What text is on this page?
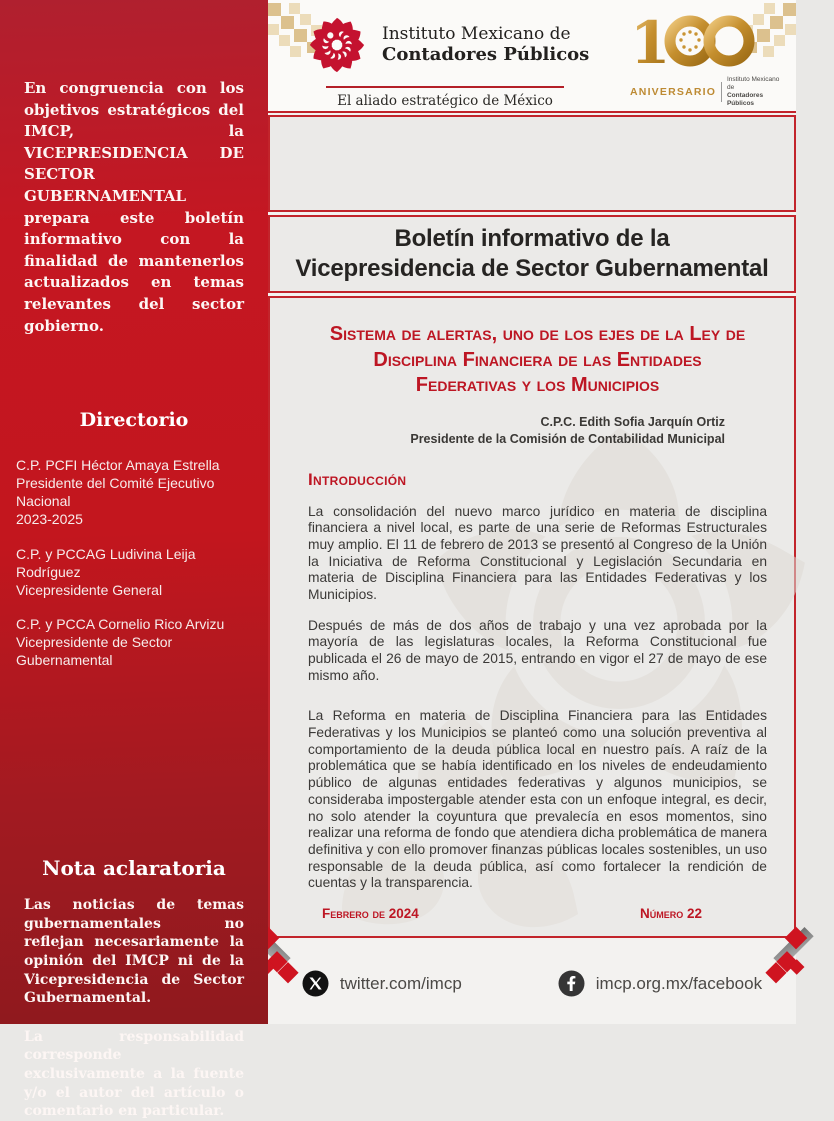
En congruencia con los objetivos estratégicos del IMCP, la VICEPRESIDENCIA DE SECTOR GUBERNAMENTAL prepara este boletín informativo con la finalidad de mantenerlos actualizados en temas relevantes del sector gobierno.

Directorio
C.P. PCFI Héctor Amaya Estrella
Presidente del Comité Ejecutivo Nacional
2023-2025
C.P. y PCCAG Ludivina Leija Rodríguez
Vicepresidente General
C.P. y PCCA Cornelio Rico Arvizu
Vicepresidente de Sector Gubernamental
Nota aclaratoria

Las noticias de temas gubernamentales no reflejan necesariamente la opinión del IMCP ni de la Vicepresidencia de Sector Gubernamental.

La responsabilidad corresponde exclusivamente a la fuente y/o el autor del artículo o comentario en particular.

Instituto Mexicano de
Contadores Públicos
El aliado estratégico de México
1
ANIVERSARIO
Instituto Mexicano de
Contadores Públicos
Boletín informativo de la
Vicepresidencia de Sector Gubernamental
Sistema de alertas, uno de los ejes de la Ley de Disciplina Financiera de las Entidades Federativas y los Municipios
C.P.C. Edith Sofia Jarquín Ortiz
Presidente de la Comisión de Contabilidad Municipal
Introducción

La consolidación del nuevo marco jurídico en materia de disciplina financiera a nivel local, es parte de una serie de Reformas Estructurales muy amplio. El 11 de febrero de 2013 se presentó al Congreso de la Unión la Iniciativa de Reforma Constitucional y Legislación Secundaria en materia de Disciplina Financiera para las Entidades Federativas y los Municipios.

Después de más de dos años de trabajo y una vez aprobada por la mayoría de las legislaturas locales, la Reforma Constitucional fue publicada el 26 de mayo de 2015, entrando en vigor el 27 de mayo de ese mismo año.

La Reforma en materia de Disciplina Financiera para las Entidades Federativas y los Municipios se planteó como una solución preventiva al comportamiento de la deuda pública local en nuestro país. A raíz de la problemática que se había identificado en los niveles de endeudamiento público de algunas entidades federativas y algunos municipios, se consideraba impostergable atender esta con un enfoque integral, es decir, no solo atender la coyuntura que prevalecía en esos momentos, sino realizar una reforma de fondo que atendiera dicha problemática de manera definitiva y con ello promover finanzas públicas locales sostenibles, un uso responsable de la deuda pública, así como fortalecer la rendición de cuentas y la transparencia.

Febrero de 2024	Número 22
twitter.com/imcp	imcp.org.mx/facebook
